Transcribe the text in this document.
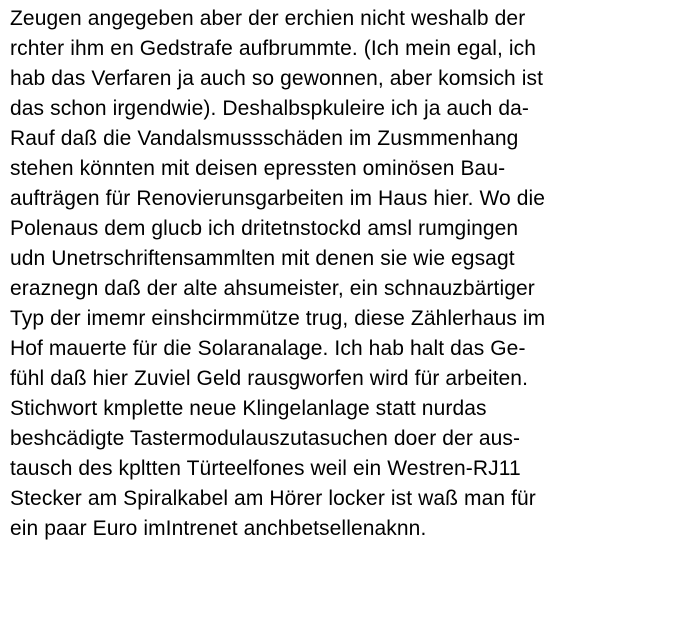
Zeugen angegeben aber der erchien nicht weshalb der
rchter ihm en Gedstrafe aufbrummte. (Ich mein egal, ich
hab das Verfaren ja auch so gewonnen, aber komsich ist
das schon irgendwie). Deshalbspkuleire ich ja auch da-
Rauf daß die Vandalsmussschäden im Zusmmenhang
stehen könnten mit deisen epressten ominösen Bau-
aufträgen für Renovierunsgarbeiten im Haus hier. Wo die
Polenaus dem glucb ich dritetnstockd amsl rumgingen
udn Unetrschriftensammlten mit denen sie wie egsagt
eraznegn daß der alte ahsumeister, ein schnauzbärtiger
Typ der imemr einshcirmmütze trug, diese Zählerhaus im
Hof mauerte für die Solaranalage. Ich hab halt das Ge-
fühl daß hier Zuviel Geld rausgworfen wird für arbeiten.
Stichwort kmplette neue Klingelanlage statt nurdas
beshcädigte Tastermodulauszutasuchen doer der aus-
tausch des kpltten Türteelfones weil ein Westren-RJ11
Stecker am Spiralkabel am Hörer locker ist waß man für
ein paar Euro imIntrenet anchbetsellenaknn.
